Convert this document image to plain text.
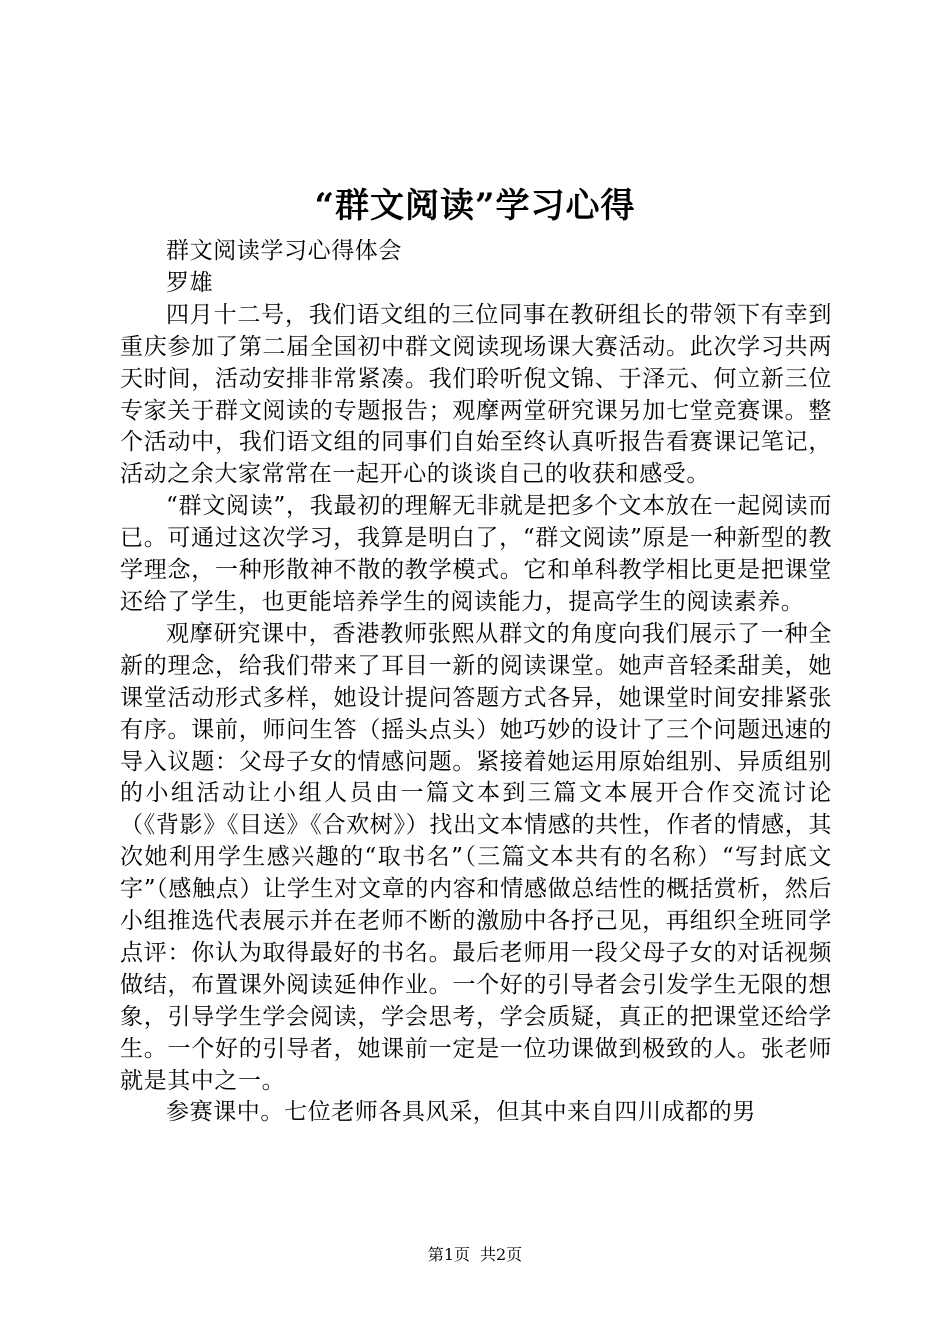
“群文阅读”学习心得

群文阅读学习心得体会

罗雄

四月十二号，我们语文组的三位同事在教研组长的带领下有幸到重庆参加了第二届全国初中群文阅读现场课大赛活动。此次学习共两天时间，活动安排非常紧凑。我们聆听倪文锦、于泽元、何立新三位专家关于群文阅读的专题报告；观摩两堂研究课另加七堂竞赛课。整个活动中，我们语文组的同事们自始至终认真听报告看赛课记笔记，活动之余大家常常在一起开心的谈谈自己的收获和感受。

“群文阅读”，我最初的理解无非就是把多个文本放在一起阅读而已。可通过这次学习，我算是明白了，“群文阅读”原是一种新型的教学理念，一种形散神不散的教学模式。它和单科教学相比更是把课堂还给了学生，也更能培养学生的阅读能力，提高学生的阅读素养。

观摩研究课中，香港教师张熙从群文的角度向我们展示了一种全新的理念，给我们带来了耳目一新的阅读课堂。她声音轻柔甜美，她课堂活动形式多样，她设计提问答题方式各异，她课堂时间安排紧张有序。课前，师问生答（摇头点头）她巧妙的设计了三个问题迅速的导入议题：父母子女的情感问题。紧接着她运用原始组别、异质组别的小组活动让小组人员由一篇文本到三篇文本展开合作交流讨论（《背影》《目送》《合欢树》）找出文本情感的共性，作者的情感，其次她利用学生感兴趣的“取书名”（三篇文本共有的名称）“写封底文字”（感触点）让学生对文章的内容和情感做总结性的概括赏析，然后小组推选代表展示并在老师不断的激励中各抒己见，再组织全班同学点评：你认为取得最好的书名。最后老师用一段父母子女的对话视频做结，布置课外阅读延伸作业。一个好的引导者会引发学生无限的想象，引导学生学会阅读，学会思考，学会质疑，真正的把课堂还给学生。一个好的引导者，她课前一定是一位功课做到极致的人。张老师就是其中之一。

参赛课中。七位老师各具风采，但其中来自四川成都的男

第1页 共2页
